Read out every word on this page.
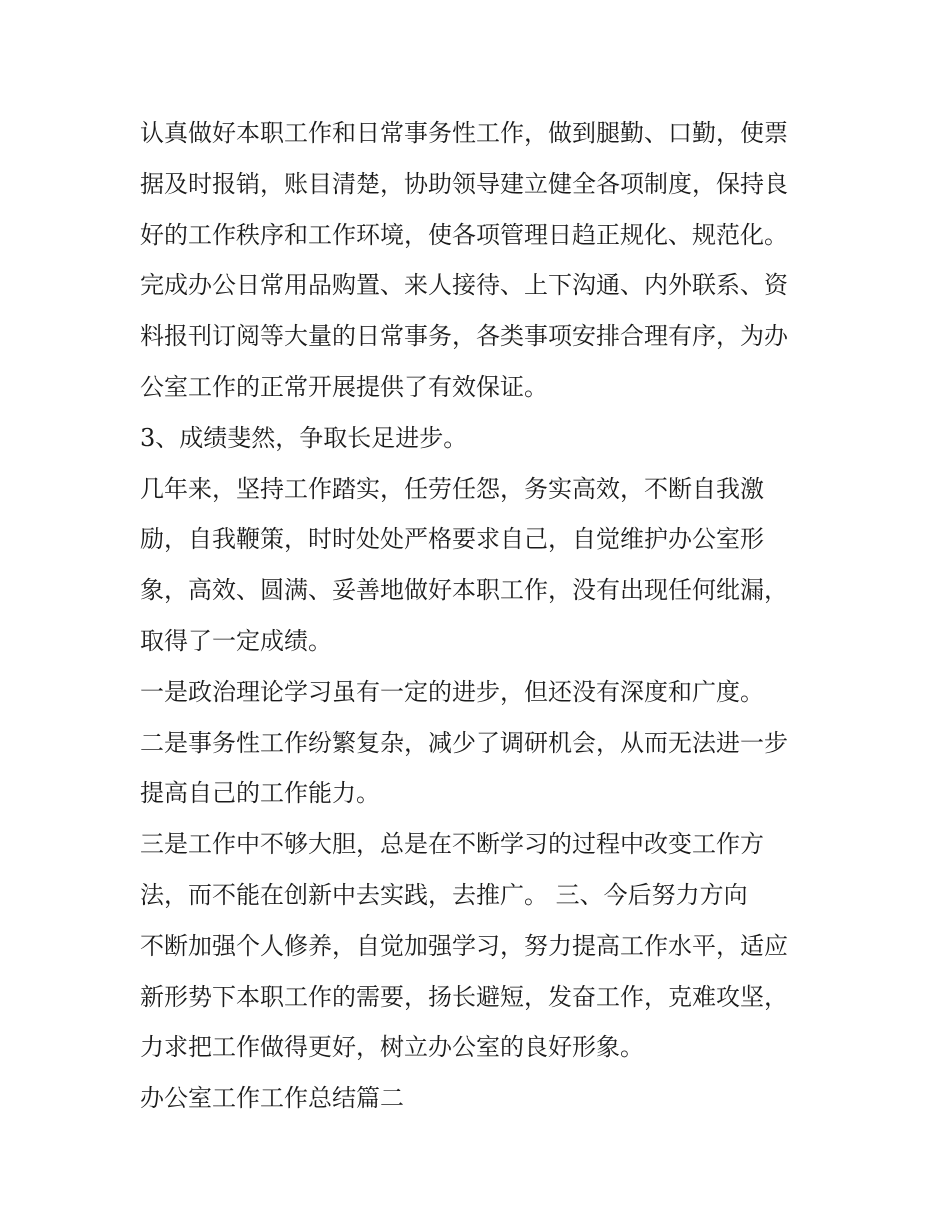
认真做好本职工作和日常事务性工作，做到腿勤、口勤，使票
据及时报销，账目清楚，协助领导建立健全各项制度，保持良
好的工作秩序和工作环境，使各项管理日趋正规化、规范化。
完成办公日常用品购置、来人接待、上下沟通、内外联系、资
料报刊订阅等大量的日常事务，各类事项安排合理有序，为办
公室工作的正常开展提供了有效保证。
3、成绩斐然，争取长足进步。
几年来，坚持工作踏实，任劳任怨，务实高效，不断自我激
励，自我鞭策，时时处处严格要求自己，自觉维护办公室形
象，高效、圆满、妥善地做好本职工作，没有出现任何纰漏，
取得了一定成绩。
一是政治理论学习虽有一定的进步，但还没有深度和广度。
二是事务性工作纷繁复杂，减少了调研机会，从而无法进一步
提高自己的工作能力。
三是工作中不够大胆，总是在不断学习的过程中改变工作方
法，而不能在创新中去实践，去推广。 三、今后努力方向
不断加强个人修养，自觉加强学习，努力提高工作水平，适应
新形势下本职工作的需要，扬长避短，发奋工作，克难攻坚，
力求把工作做得更好，树立办公室的良好形象。
办公室工作工作总结篇二
